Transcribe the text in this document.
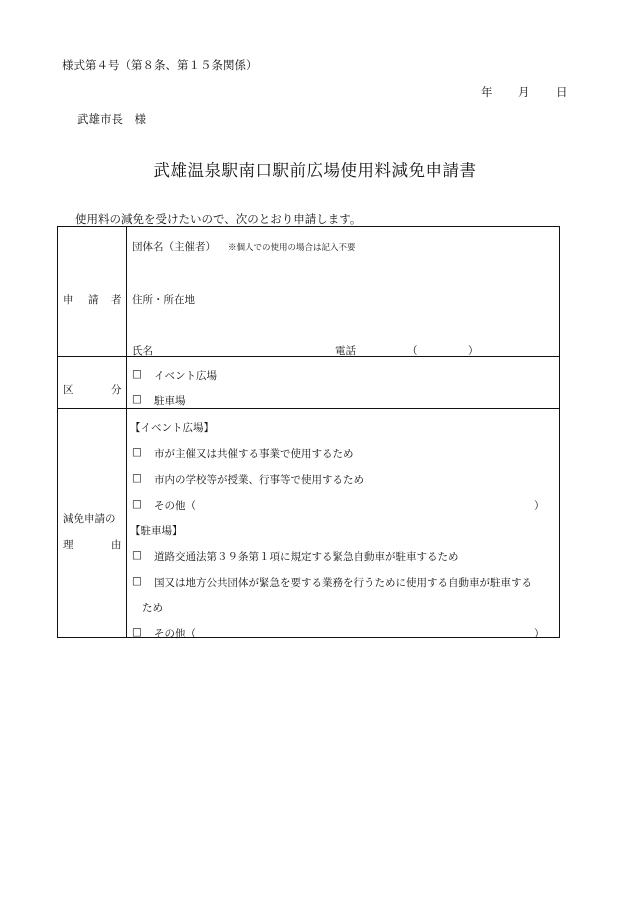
様式第４号（第８条、第１５条関係）
年 月 日
武雄市長　様
武雄温泉駅南口駅前広場使用料減免申請書
使用料の減免を受けたいので、次のとおり申請します。
申 請 者
団体名（主催者） ※個人での使用の場合は記入不要
住所・所在地
氏名	電話	（	）
区	分
□ イベント広場
□ 駐車場
減免申請の
理	由
【イベント広場】
□ 市が主催又は共催する事業で使用するため
□ 市内の学校等が授業、行事等で使用するため
□ その他（	）
【駐車場】
□ 道路交通法第３９条第１項に規定する緊急自動車が駐車するため
□ 国又は地方公共団体が緊急を要する業務を行うために使用する自動車が駐車する
ため
□ その他（	）
